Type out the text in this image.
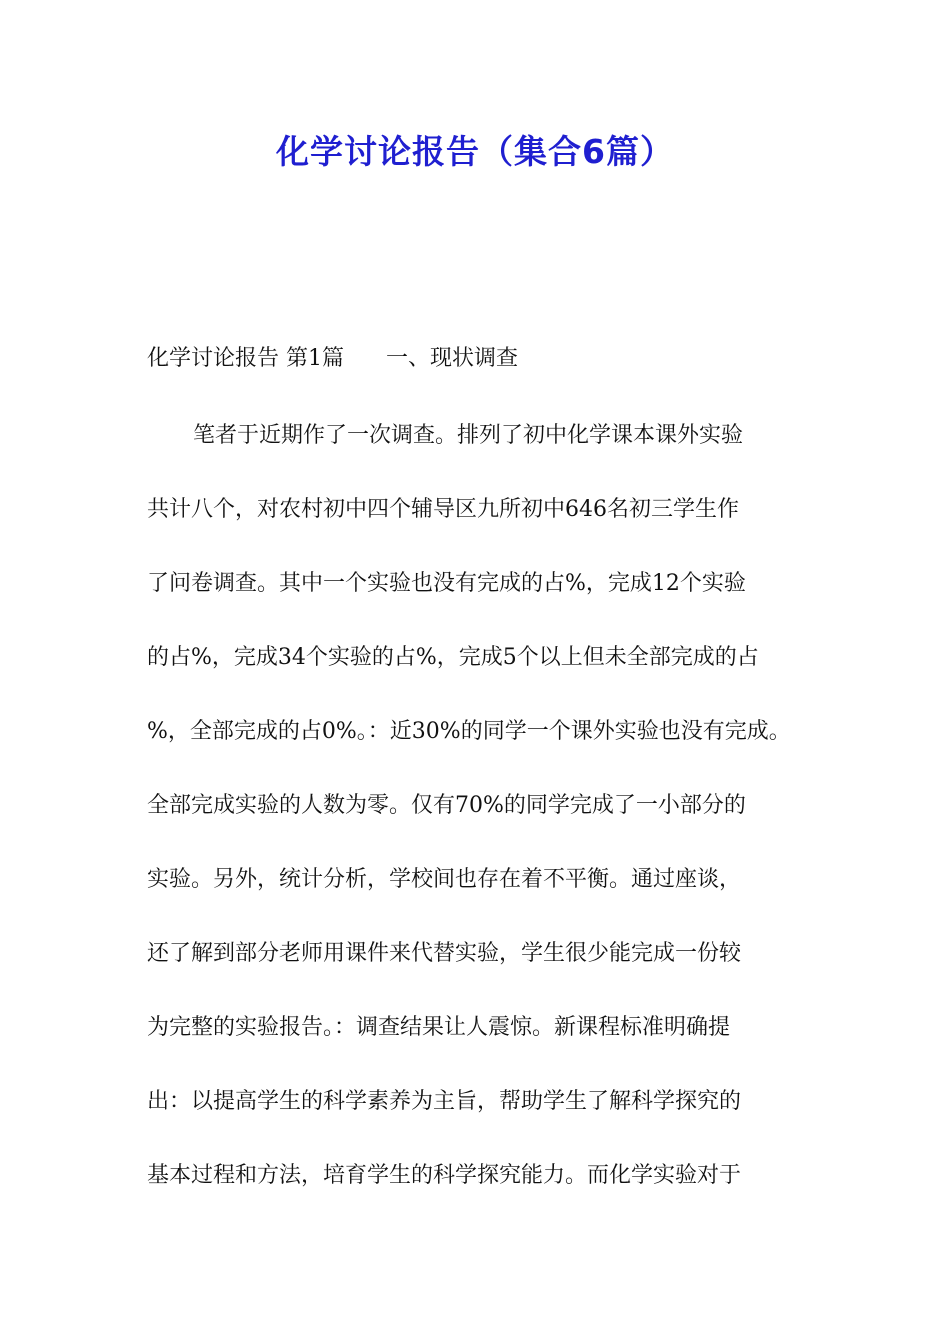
化学讨论报告（集合6篇）
化学讨论报告 第1篇      一、现状调查
笔者于近期作了一次调查。排列了初中化学课本课外实验
共计八个，对农村初中四个辅导区九所初中646名初三学生作
了问卷调查。其中一个实验也没有完成的占%，完成12个实验
的占%，完成34个实验的占%，完成5个以上但未全部完成的占
%，全部完成的占0%。：近30%的同学一个课外实验也没有完成。
全部完成实验的人数为零。仅有70%的同学完成了一小部分的
实验。另外，统计分析，学校间也存在着不平衡。通过座谈，
还了解到部分老师用课件来代替实验，学生很少能完成一份较
为完整的实验报告。：调查结果让人震惊。新课程标准明确提
出：以提高学生的科学素养为主旨，帮助学生了解科学探究的
基本过程和方法，培育学生的科学探究能力。而化学实验对于
